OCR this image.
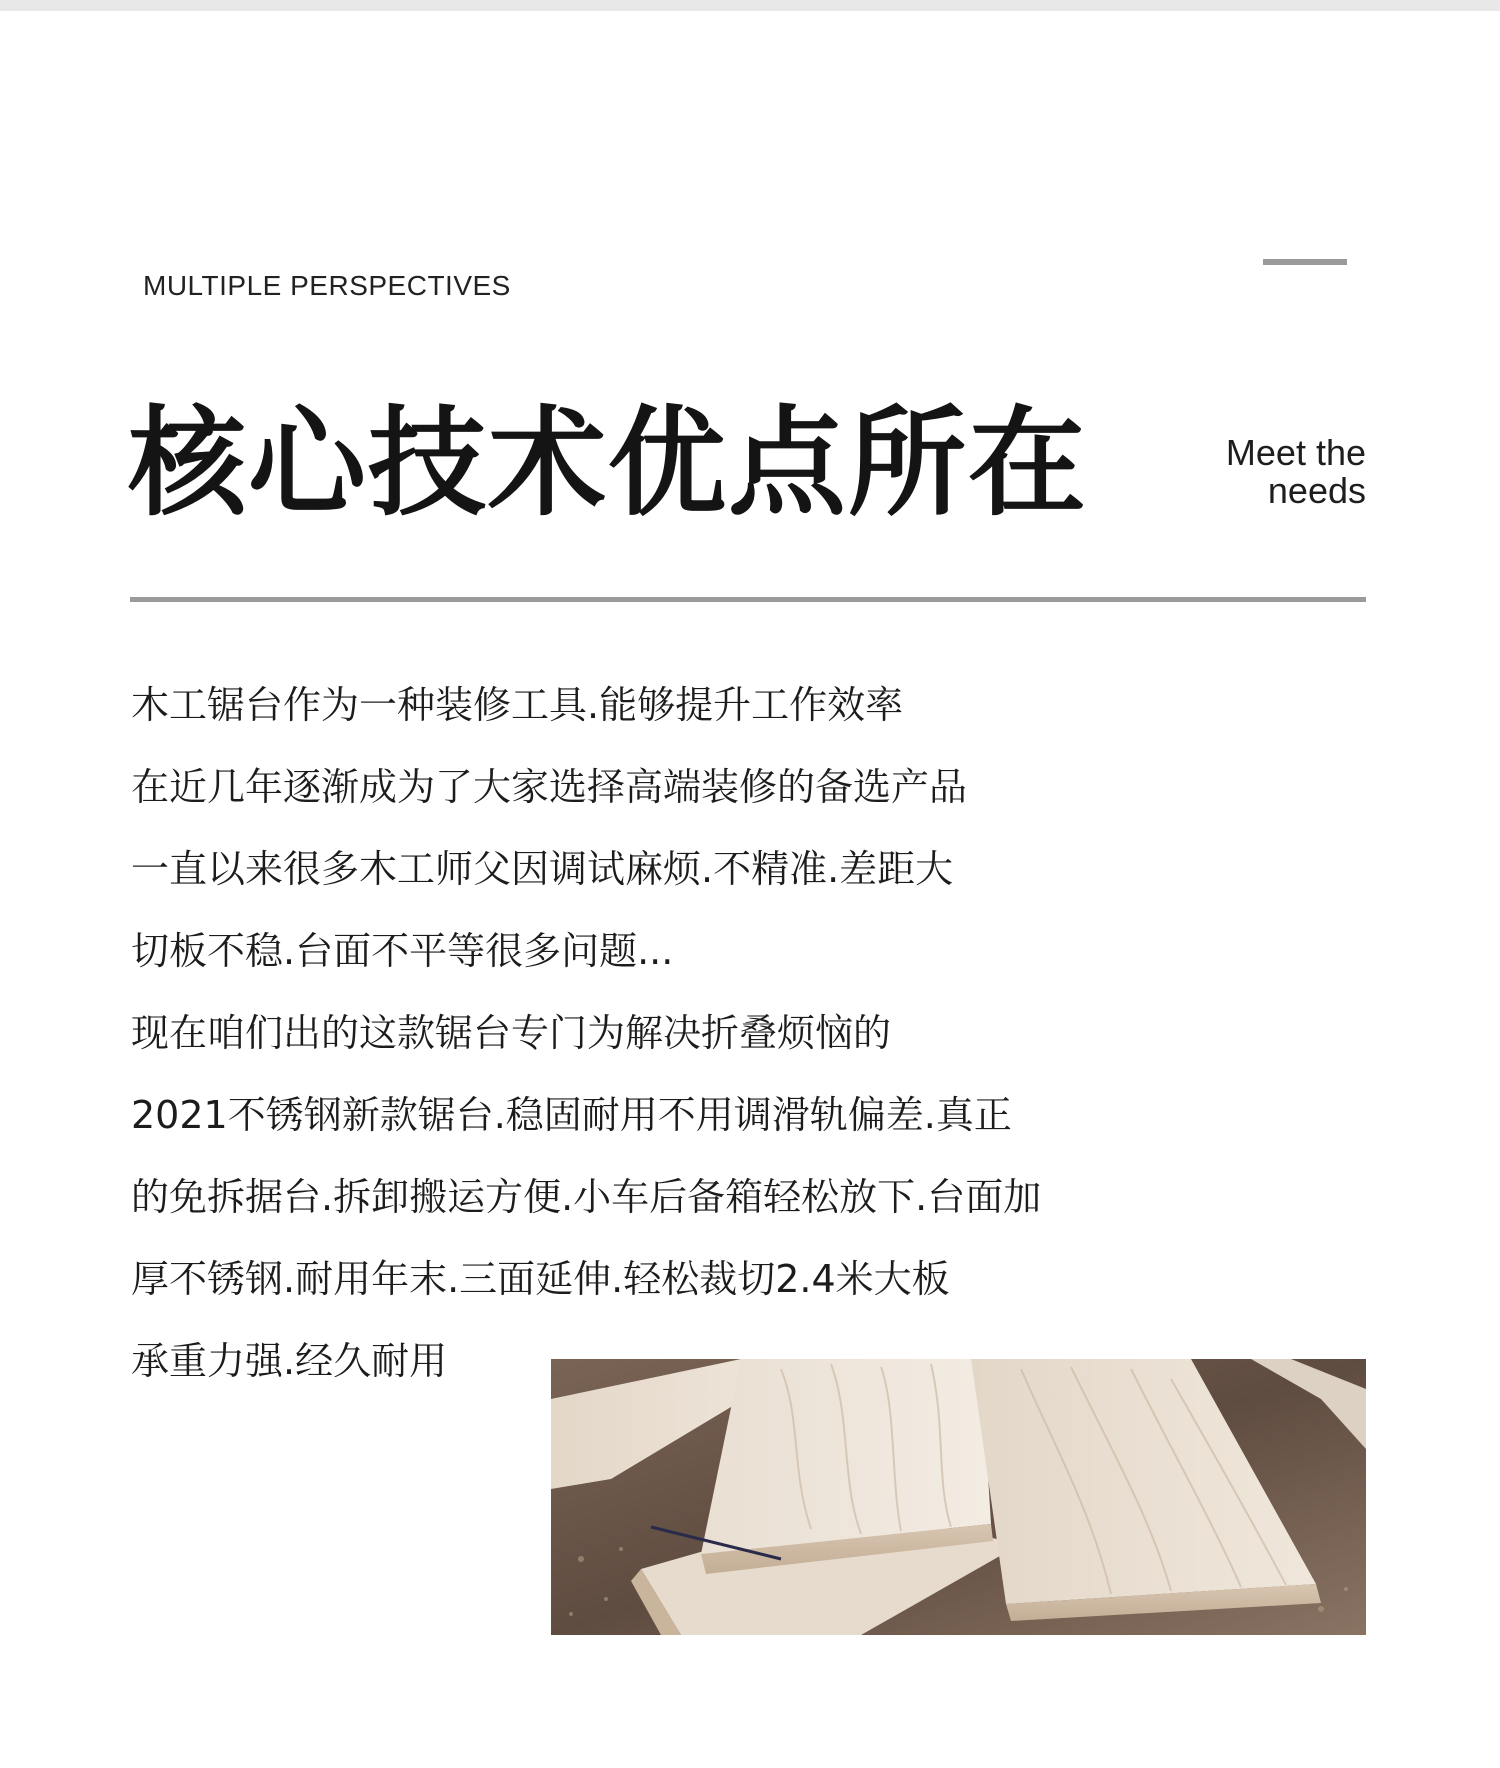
MULTIPLE PERSPECTIVES
核心技术优点所在	Meet the
needs
木工锯台作为一种装修工具.能够提升工作效率
在近几年逐渐成为了大家选择高端装修的备选产品
一直以来很多木工师父因调试麻烦.不精准.差距大
切板不稳.台面不平等很多问题...
现在咱们出的这款锯台专门为解决折叠烦恼的
2021不锈钢新款锯台.稳固耐用不用调滑轨偏差.真正
的免拆据台.拆卸搬运方便.小车后备箱轻松放下.台面加
厚不锈钢.耐用年末.三面延伸.轻松裁切2.4米大板
承重力强.经久耐用
